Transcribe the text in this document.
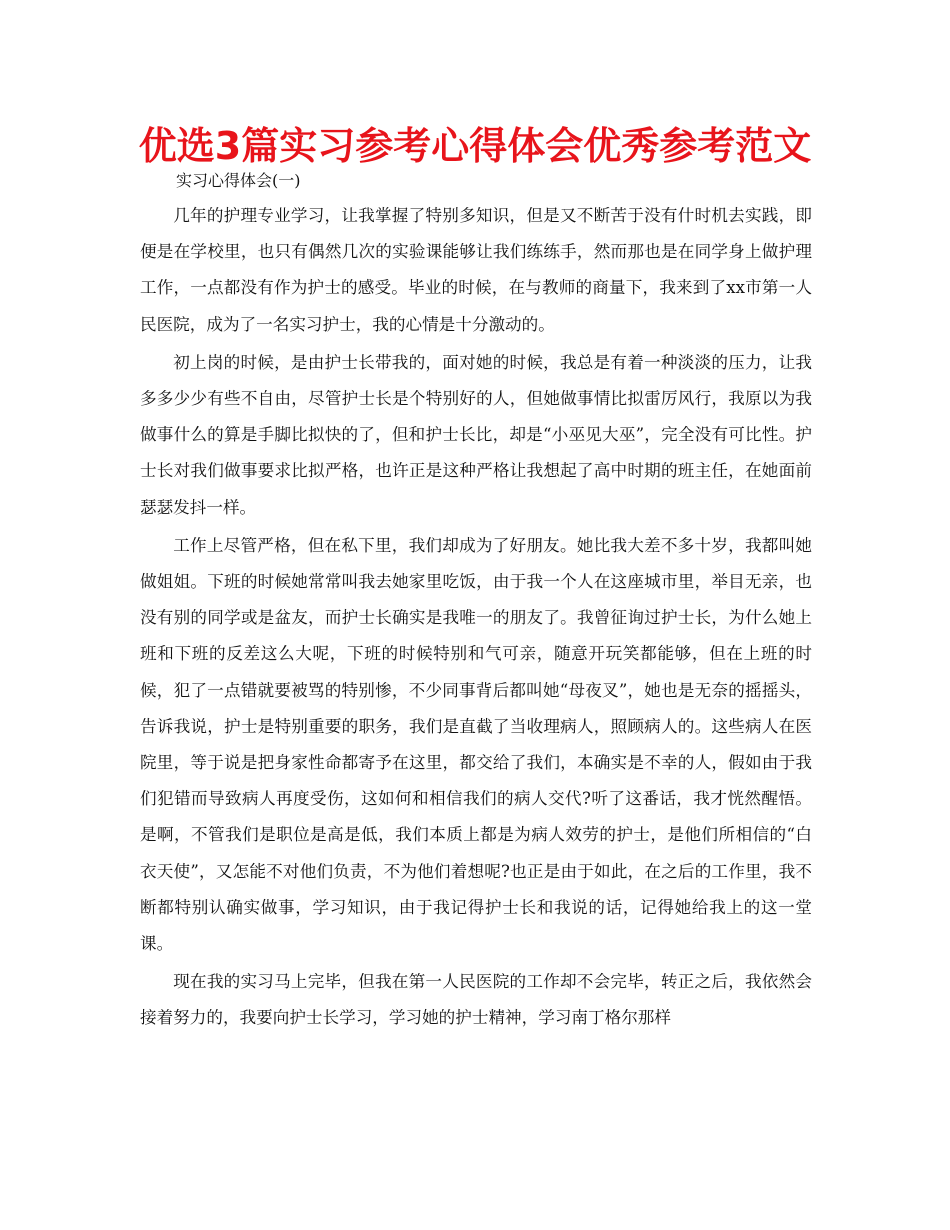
优选3篇实习参考心得体会优秀参考范文
实习心得体会(一)

几年的护理专业学习，让我掌握了特别多知识，但是又不断苦于没有什时机去实践，即便是在学校里，也只有偶然几次的实验课能够让我们练练手，然而那也是在同学身上做护理工作，一点都没有作为护士的感受。毕业的时候，在与教师的商量下，我来到了xx市第一人民医院，成为了一名实习护士，我的心情是十分激动的。

初上岗的时候，是由护士长带我的，面对她的时候，我总是有着一种淡淡的压力，让我多多少少有些不自由，尽管护士长是个特别好的人，但她做事情比拟雷厉风行，我原以为我做事什么的算是手脚比拟快的了，但和护士长比，却是“小巫见大巫”，完全没有可比性。护士长对我们做事要求比拟严格，也许正是这种严格让我想起了高中时期的班主任，在她面前瑟瑟发抖一样。

工作上尽管严格，但在私下里，我们却成为了好朋友。她比我大差不多十岁，我都叫她做姐姐。下班的时候她常常叫我去她家里吃饭，由于我一个人在这座城市里，举目无亲，也没有别的同学或是盆友，而护士长确实是我唯一的朋友了。我曾征询过护士长，为什么她上班和下班的反差这么大呢，下班的时候特别和气可亲，随意开玩笑都能够，但在上班的时候，犯了一点错就要被骂的特别惨，不少同事背后都叫她“母夜叉”，她也是无奈的摇摇头，告诉我说，护士是特别重要的职务，我们是直截了当收理病人，照顾病人的。这些病人在医院里，等于说是把身家性命都寄予在这里，都交给了我们，本确实是不幸的人，假如由于我们犯错而导致病人再度受伤，这如何和相信我们的病人交代?听了这番话，我才恍然醒悟。是啊，不管我们是职位是高是低，我们本质上都是为病人效劳的护士，是他们所相信的“白衣天使”，又怎能不对他们负责，不为他们着想呢?也正是由于如此，在之后的工作里，我不断都特别认确实做事，学习知识，由于我记得护士长和我说的话，记得她给我上的这一堂课。

现在我的实习马上完毕，但我在第一人民医院的工作却不会完毕，转正之后，我依然会接着努力的，我要向护士长学习，学习她的护士精神，学习南丁格尔那样
